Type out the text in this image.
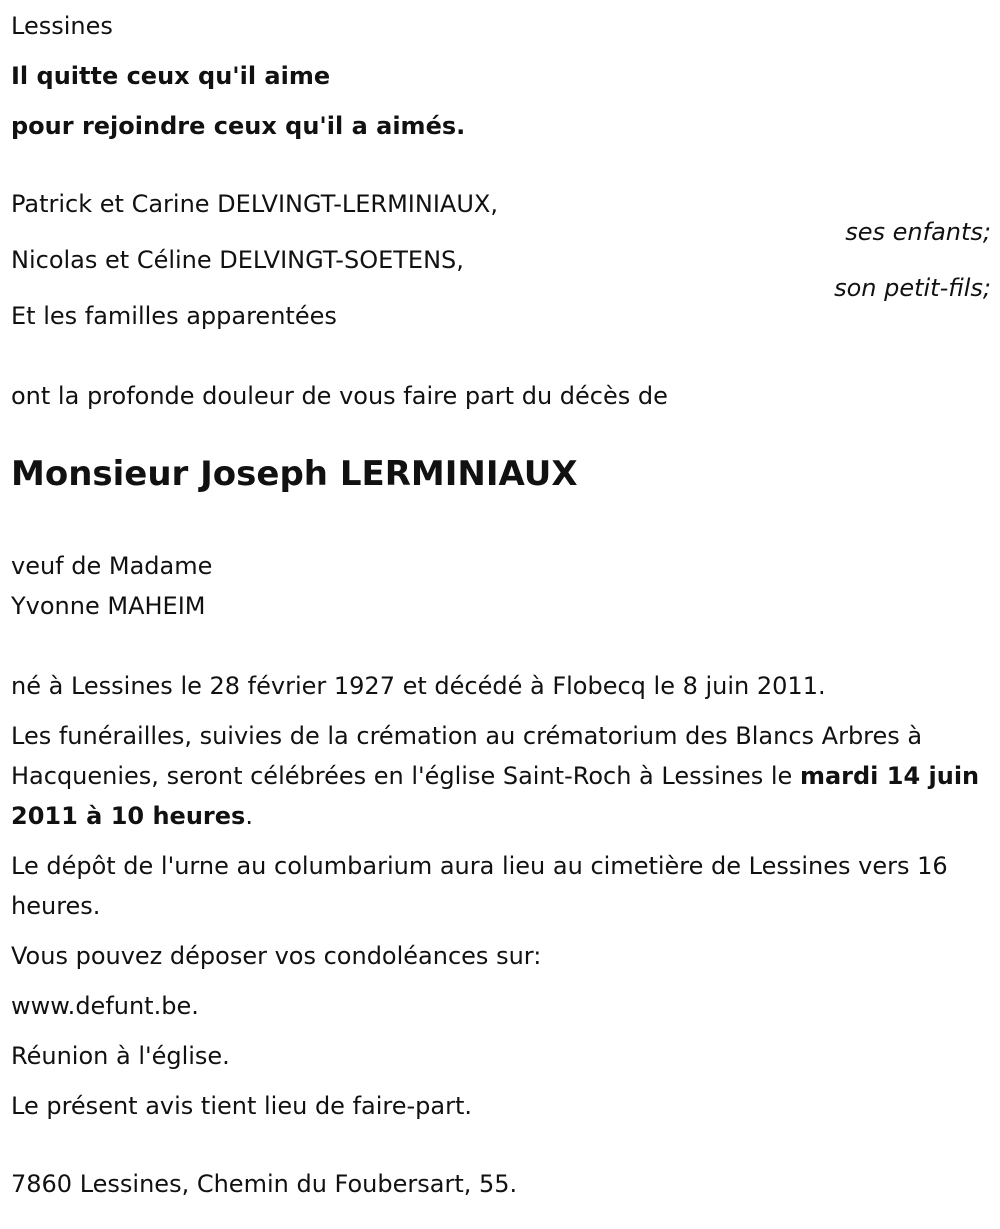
Lessines
Il quitte ceux qu'il aime
pour rejoindre ceux qu'il a aimés.
Patrick et Carine DELVINGT-LERMINIAUX,
ses enfants;
Nicolas et Céline DELVINGT-SOETENS,
son petit-fils;
Et les familles apparentées
ont la profonde douleur de vous faire part du décès de
Monsieur Joseph LERMINIAUX
veuf de Madame
Yvonne MAHEIM
né à Lessines le 28 février 1927 et décédé à Flobecq le 8 juin 2011.
Les funérailles, suivies de la crémation au crématorium des Blancs Arbres à Hacquenies, seront célébrées en l'église Saint-Roch à Lessines le mardi 14 juin 2011 à 10 heures.
Le dépôt de l'urne au columbarium aura lieu au cimetière de Lessines vers 16 heures.
Vous pouvez déposer vos condoléances sur:
www.defunt.be.
Réunion à l'église.
Le présent avis tient lieu de faire-part.
7860 Lessines, Chemin du Foubersart, 55.
